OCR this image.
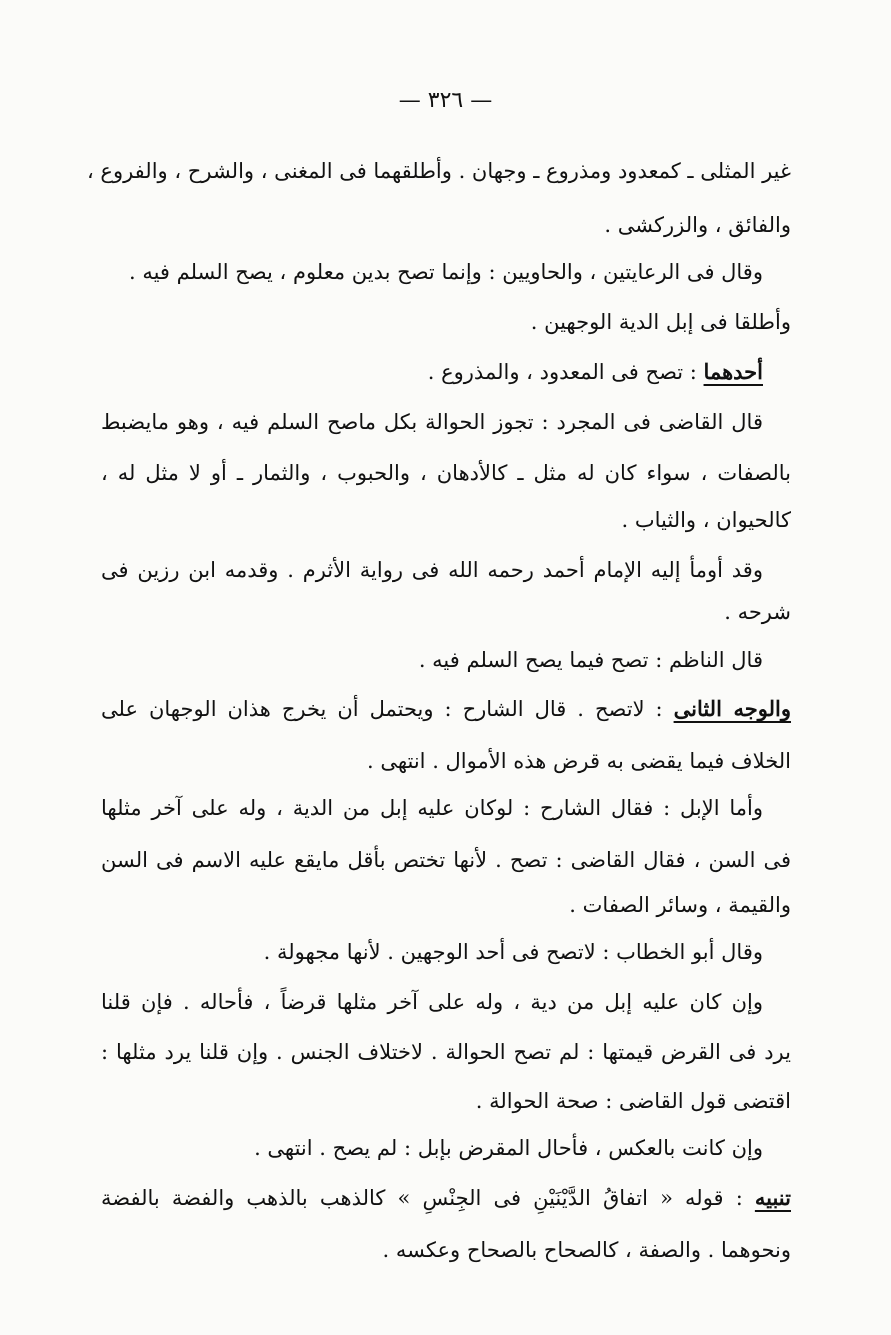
— ٣٢٦ —
غير المثلى ـ كمعدود ومذروع ـ وجهان . وأطلقهما فى المغنى ، والشرح ، والفروع ،
والفائق ، والزركشى .
وقال فى الرعايتين ، والحاويين : وإنما تصح بدين معلوم ، يصح السلم فيه .
وأطلقا فى إبل الدية الوجهين .
أحدهما : تصح فى المعدود ، والمذروع .
قال القاضى فى المجرد : تجوز الحوالة بكل ماصح السلم فيه ، وهو مايضبط
بالصفات ، سواء كان له مثل ـ كالأدهان ، والحبوب ، والثمار ـ أو لا مثل له ،
كالحيوان ، والثياب .
وقد أومأ إليه الإمام أحمد رحمه الله فى رواية الأثرم . وقدمه ابن رزين فى
شرحه .
قال الناظم : تصح فيما يصح السلم فيه .
والوجه الثانى : لاتصح . قال الشارح : ويحتمل أن يخرج هذان الوجهان على
الخلاف فيما يقضى به قرض هذه الأموال . انتهى .
وأما الإبل : فقال الشارح : لوكان عليه إبل من الدية ، وله على آخر مثلها
فى السن ، فقال القاضى : تصح . لأنها تختص بأقل مايقع عليه الاسم فى السن
والقيمة ، وسائر الصفات .
وقال أبو الخطاب : لاتصح فى أحد الوجهين . لأنها مجهولة .
وإن كان عليه إبل من دية ، وله على آخر مثلها قرضاً ، فأحاله . فإن قلنا
يرد فى القرض قيمتها : لم تصح الحوالة . لاختلاف الجنس . وإن قلنا يرد مثلها :
اقتضى قول القاضى : صحة الحوالة .
وإن كانت بالعكس ، فأحال المقرض بإبل : لم يصح . انتهى .
تنبيه : قوله « اتفاقُ الدَّيْنَيْنِ فى الجِنْسِ » كالذهب بالذهب والفضة بالفضة
ونحوهما . والصفة ، كالصحاح بالصحاح وعكسه .
